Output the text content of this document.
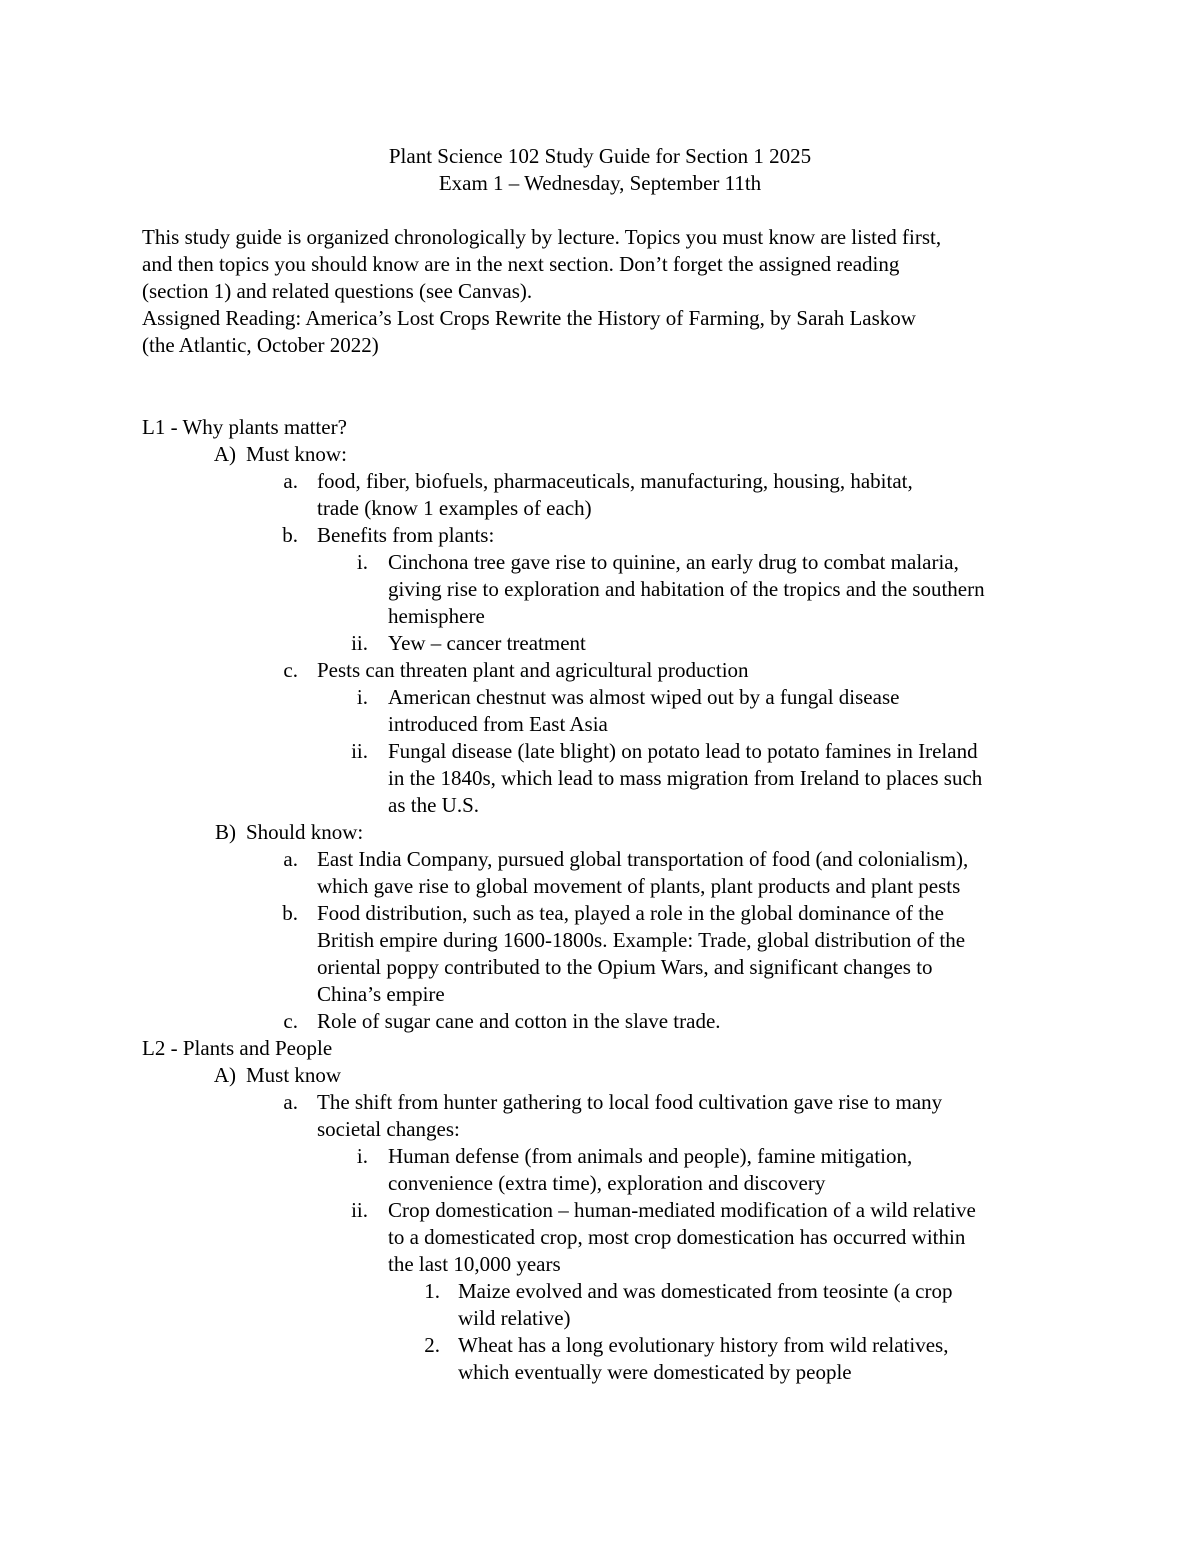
Plant Science 102 Study Guide for Section 1 2025
Exam 1 – Wednesday, September 11th
This study guide is organized chronologically by lecture. Topics you must know are listed first,
and then topics you should know are in the next section. Don’t forget the assigned reading
(section 1) and related questions (see Canvas).
Assigned Reading: America’s Lost Crops Rewrite the History of Farming, by Sarah Laskow
(the Atlantic, October 2022)
L1 - Why plants matter?
A) Must know:
a. food, fiber, biofuels, pharmaceuticals, manufacturing, housing, habitat,
trade (know 1 examples of each)
b. Benefits from plants:
i. Cinchona tree gave rise to quinine, an early drug to combat malaria,
giving rise to exploration and habitation of the tropics and the southern
hemisphere
ii. Yew – cancer treatment
c. Pests can threaten plant and agricultural production
i. American chestnut was almost wiped out by a fungal disease
introduced from East Asia
ii. Fungal disease (late blight) on potato lead to potato famines in Ireland
in the 1840s, which lead to mass migration from Ireland to places such
as the U.S.
B) Should know:
a. East India Company, pursued global transportation of food (and colonialism),
which gave rise to global movement of plants, plant products and plant pests
b. Food distribution, such as tea, played a role in the global dominance of the
British empire during 1600-1800s. Example: Trade, global distribution of the
oriental poppy contributed to the Opium Wars, and significant changes to
China’s empire
c. Role of sugar cane and cotton in the slave trade.
L2 - Plants and People
A) Must know
a. The shift from hunter gathering to local food cultivation gave rise to many
societal changes:
i. Human defense (from animals and people), famine mitigation,
convenience (extra time), exploration and discovery
ii. Crop domestication – human-mediated modification of a wild relative
to a domesticated crop, most crop domestication has occurred within
the last 10,000 years
1. Maize evolved and was domesticated from teosinte (a crop
wild relative)
2. Wheat has a long evolutionary history from wild relatives,
which eventually were domesticated by people
